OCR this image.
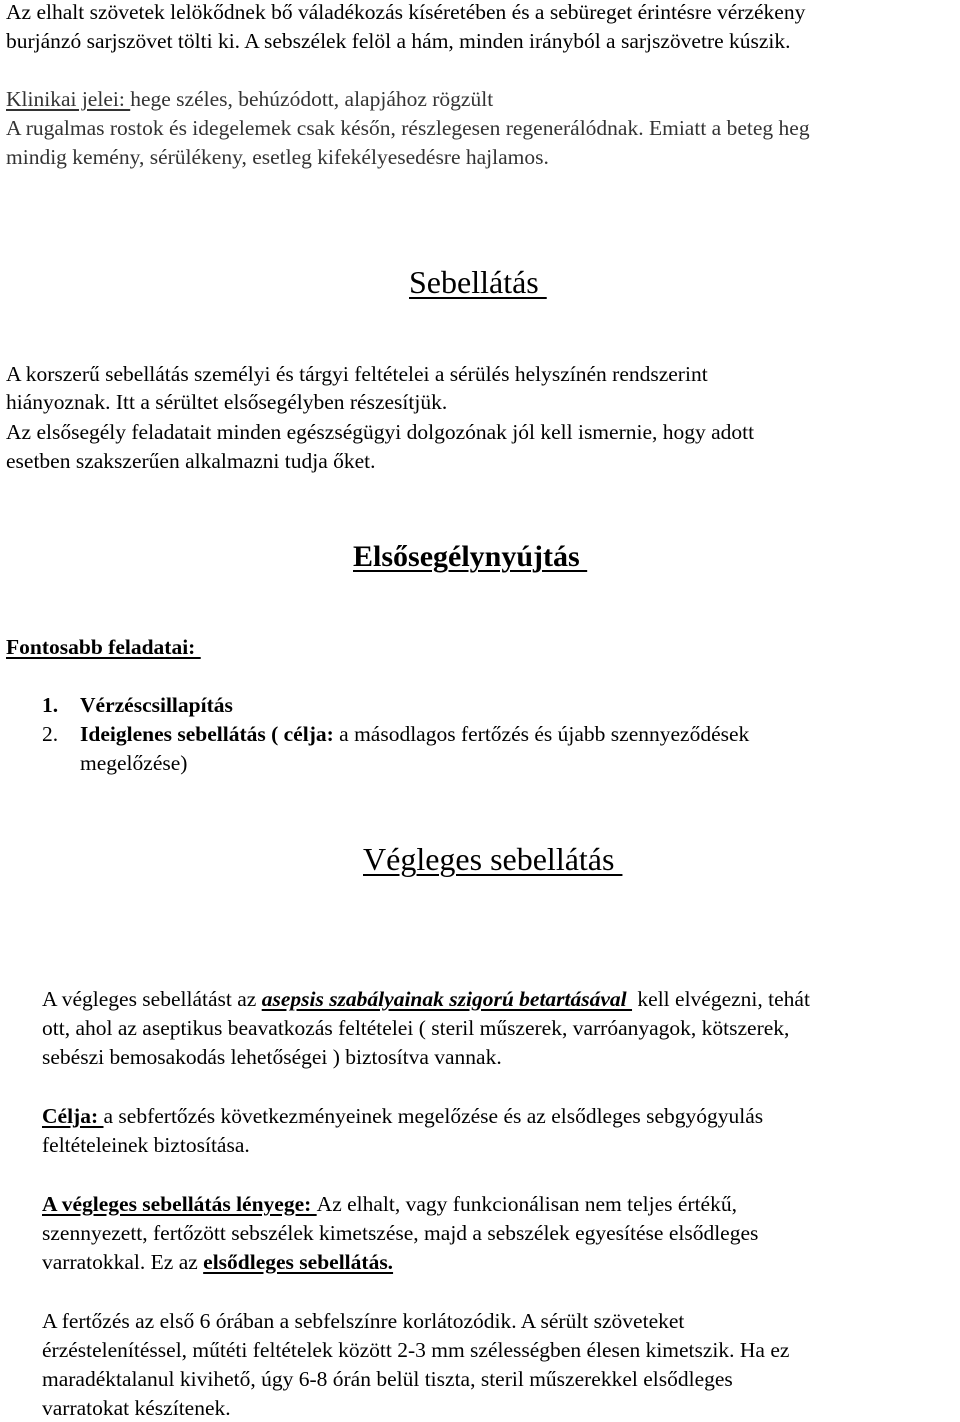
Az elhalt szövetek lelökődnek bő váladékozás kíséretében és a sebüreget érintésre vérzékeny
burjánzó sarjszövet tölti ki. A sebszélek felöl a hám, minden irányból a sarjszövetre kúszik.
Klinikai jelei: hege széles, behúzódott, alapjához rögzült
A rugalmas rostok és idegelemek csak későn, részlegesen regenerálódnak. Emiatt a beteg heg
mindig kemény, sérülékeny, esetleg kifekélyesedésre hajlamos.
Sebellátás
A korszerű sebellátás személyi és tárgyi feltételei a sérülés helyszínén rendszerint
hiányoznak. Itt a sérültet elsősegélyben részesítjük.
Az elsősegély feladatait minden egészségügyi dolgozónak jól kell ismernie, hogy adott
esetben szakszerűen alkalmazni tudja őket.
Elsősegélynyújtás
Fontosabb feladatai:
1. Vérzéscsillapítás
2. Ideiglenes sebellátás ( célja: a másodlagos fertőzés és újabb szennyeződések
megelőzése)
Végleges sebellátás
A végleges sebellátást az asepsis szabályainak szigorú betartásával  kell elvégezni, tehát
ott, ahol az aseptikus beavatkozás feltételei ( steril műszerek, varróanyagok, kötszerek,
sebészi bemosakodás lehetőségei ) biztosítva vannak.
Célja: a sebfertőzés következményeinek megelőzése és az elsődleges sebgyógyulás
feltételeinek biztosítása.
A végleges sebellátás lényege: Az elhalt, vagy funkcionálisan nem teljes értékű,
szennyezett, fertőzött sebszélek kimetszése, majd a sebszélek egyesítése elsődleges
varratokkal. Ez az elsődleges sebellátás.
A fertőzés az első 6 órában a sebfelszínre korlátozódik. A sérült szöveteket
érzéstelenítéssel, műtéti feltételek között 2-3 mm szélességben élesen kimetszik. Ha ez
maradéktalanul kivihető, úgy 6-8 órán belül tiszta, steril műszerekkel elsődleges
varratokat készítenek.
